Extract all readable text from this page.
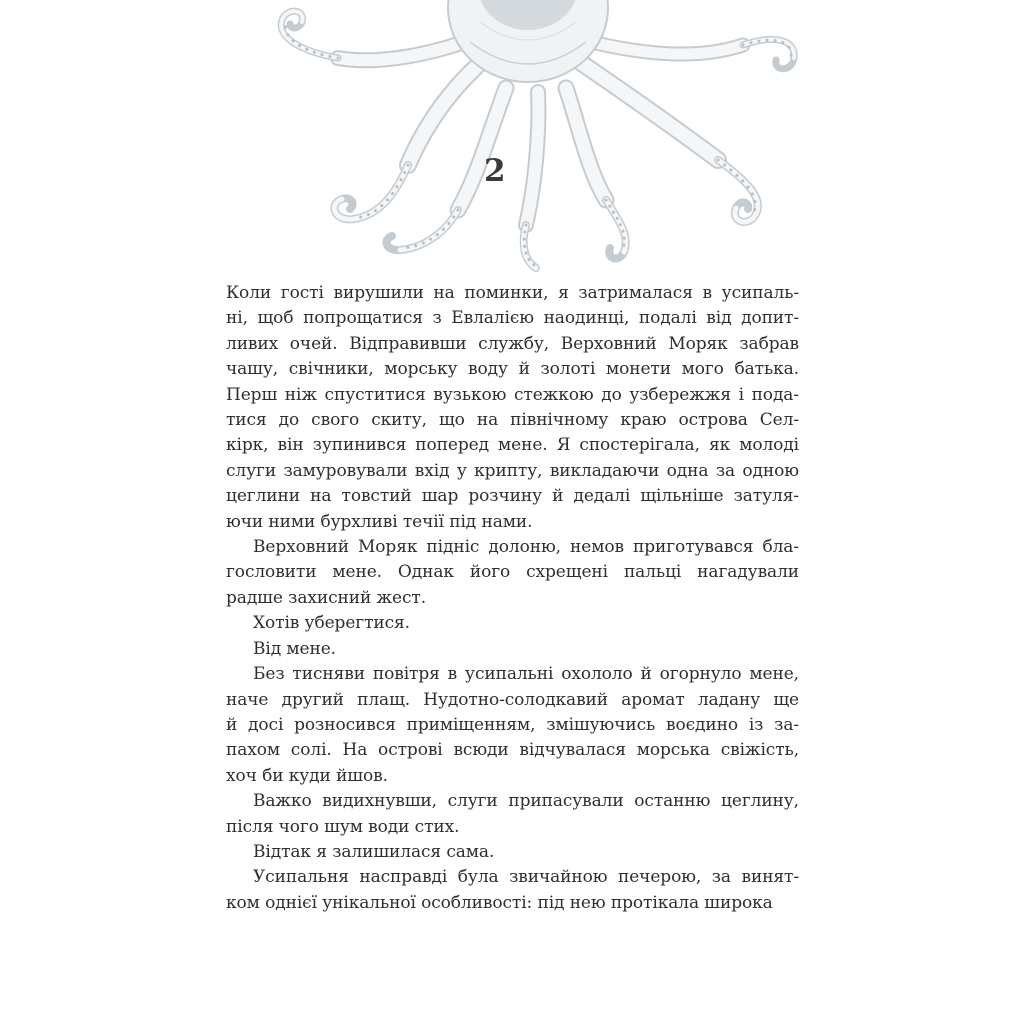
2
Коли гості вирушили на поминки, я затрималася в усипаль-
ні, щоб попрощатися з Евлалією наодинці, подалі від допит-
ливих очей. Відправивши службу, Верховний Моряк забрав
чашу, свічники, морську воду й золоті монети мого батька.
Перш ніж спуститися вузькою стежкою до узбережжя і пода-
тися до свого скиту, що на північному краю острова Сел-
кірк, він зупинився поперед мене. Я спостерігала, як молоді
слуги замуровували вхід у крипту, викладаючи одна за одною
цеглини на товстий шар розчину й дедалі щільніше затуля-
ючи ними бурхливі течії під нами.
Верховний Моряк підніс долоню, немов приготувався бла-
гословити мене. Однак його схрещені пальці нагадували
радше захисний жест.
Хотів уберегтися.
Від мене.
Без тисняви повітря в усипальні охололо й огорнуло мене,
наче другий плащ. Нудотно-солодкавий аромат ладану ще
й досі розносився приміщенням, змішуючись воєдино із за-
пахом солі. На острові всюди відчувалася морська свіжість,
хоч би куди йшов.
Важко видихнувши, слуги припасували останню цеглину,
після чого шум води стих.
Відтак я залишилася сама.
Усипальня насправді була звичайною печерою, за винят-
ком однієї унікальної особливості: під нею протікала широка
